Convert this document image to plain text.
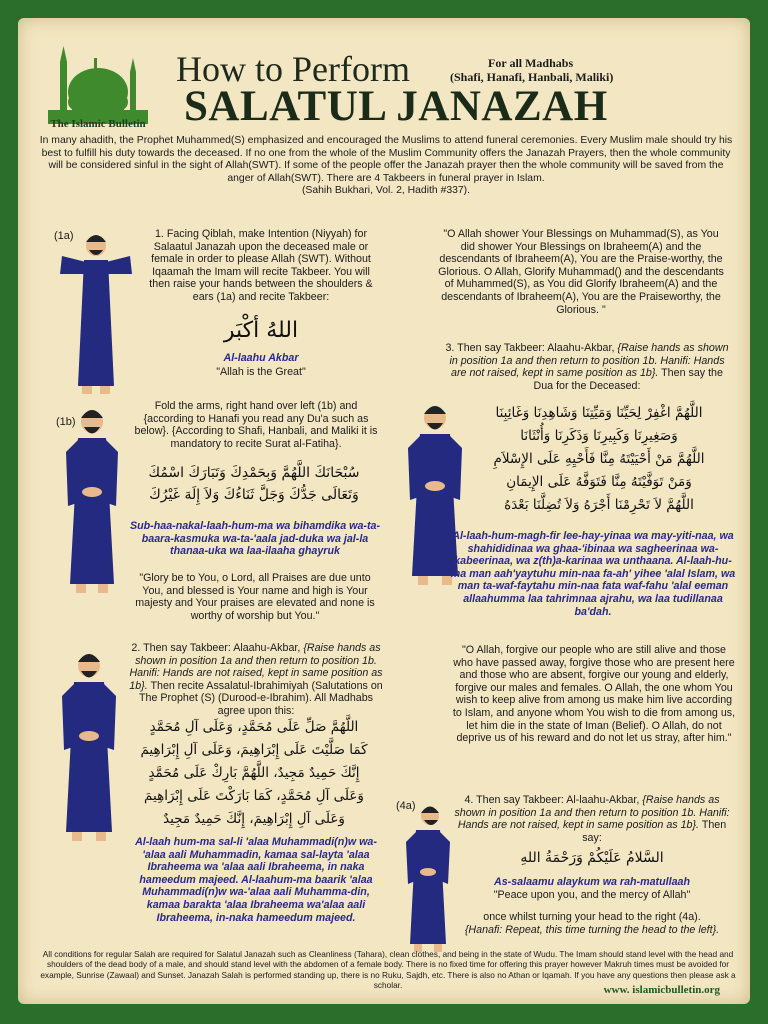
The Islamic Bulletin
How to Perform
SALATUL JANAZAH
For all Madhabs
(Shafi, Hanafi, Hanbali, Maliki)
In many ahadith, the Prophet Muhammed(S) emphasized and encouraged the Muslims to attend funeral ceremonies. Every Muslim male should try his best to fulfill his duty towards the deceased. If no one from the whole of the Muslim Community offers the Janazah Prayers, then the whole community will be considered sinful in the sight of Allah(SWT). If some of the people offer the Janazah prayer then the whole community will be saved from the anger of Allah(SWT). There are 4 Takbeers in funeral prayer in Islam.
(Sahih Bukhari, Vol. 2, Hadith #337).
(1a)	1. Facing Qiblah, make Intention (Niyyah) for Salaatul Janazah upon the deceased male or female in order to please Allah (SWT). Without Iqaamah the Imam will recite Takbeer. You will then raise your hands between the shoulders & ears (1a) and recite Takbeer:
اللهُ أكْبَر
Al-laahu Akbar
"Allah is the Great"
(1b)
Fold the arms, right hand over left (1b) and {according to Hanafi you read any Du'a such as below}. {According to Shafi, Hanbali, and Maliki it is mandatory to recite Surat al-Fatiha}.
سُبْحَانَكَ اللَّهُمَّ وَبِحَمْدِكَ وَتَبَارَكَ اسْمُكَ
وَتَعَالَى جَدُّكَ وَجَلَّ ثَنَاءُكَ وَلاَ إِلَهَ غَيْرُكَ
Sub-haa-nakal-laah-hum-ma wa bihamdika wa-ta-baara-kasmuka wa-ta-'aala jad-duka wa jal-la thanaa-uka wa laa-ilaaha ghayruk
"Glory be to You, o Lord, all Praises are due unto You, and blessed is Your name and high is Your majesty and Your praises are elevated and none is worthy of worship but You."
2. Then say Takbeer: Alaahu-Akbar, {Raise hands as shown in position 1a and then return to position 1b. Hanifi: Hands are not raised, kept in same position as 1b}. Then recite Assalatul-Ibrahimiyah (Salutations on The Prophet (S) (Durood-e-Ibrahim). All Madhabs agree upon this:
اللَّهُمَّ صَلِّ عَلَى مُحَمَّدٍ، وَعَلَى آلِ مُحَمَّدٍ
كَمَا صَلَّيْتَ عَلَى إِبْرَاهِيمَ، وَعَلَى آلِ إِبْرَاهِيمَ
إِنَّكَ حَمِيدٌ مَجِيدٌ، اللَّهُمَّ بَارِكْ عَلَى مُحَمَّدٍ
وَعَلَى آلِ مُحَمَّدٍ، كَمَا بَارَكْتَ عَلَى إِبْرَاهِيمَ
وَعَلَى آلِ إِبْرَاهِيمَ، إِنَّكَ حَمِيدٌ مَجِيدٌ
Al-laah hum-ma sal-li 'alaa Muhammadi(n)w wa-'alaa aali Muhammadin, kamaa sal-layta 'alaa Ibraheema wa 'alaa aali Ibraheema, in naka hameedum majeed. Al-laahum-ma baarik 'alaa Muhammadi(n)w wa-'alaa aali Muhamma-din, kamaa barakta 'alaa Ibraheema wa'alaa aali Ibraheema, in-naka hameedum majeed.
"O Allah shower Your Blessings on Muhammad(S), as You did shower Your Blessings on Ibraheem(A) and the descendants of Ibraheem(A), You are the Praise-worthy, the Glorious. O Allah, Glorify Muhammad() and the descendants of Muhammed(S), as You did Glorify Ibraheem(A) and the descendants of Ibraheem(A), You are the Praiseworthy, the Glorious. "
3. Then say Takbeer: Alaahu-Akbar, {Raise hands as shown in position 1a and then return to position 1b. Hanifi: Hands are not raised, kept in same position as 1b}. Then say the Dua for the Deceased:
اللَّهُمَّ اغْفِرْ لِحَيِّنَا وَمَيِّتِنَا وَشَاهِدِنَا وَغَائِبِنَا
وَصَغِيرِنَا وَكَبِيرِنَا وَذَكَرِنَا وَأُنْثَانَا
اللَّهُمَّ مَنْ أَحْيَيْتَهُ مِنَّا فَأَحْيِهِ عَلَى الإِسْلاَمِ
وَمَنْ تَوَفَّيْتَهُ مِنَّا فَتَوَفَّهُ عَلَى الإِيمَانِ
اللَّهُمَّ لاَ تَحْرِمْنَا أَجْرَهُ وَلاَ تُضِلَّنَا بَعْدَهُ
Al-laah-hum-magh-fir lee-hay-yinaa wa may-yiti-naa, wa shahididinaa wa ghaa-'ibinaa wa sagheerinaa wa-kabeerinaa, wa z(th)a-karinaa wa unthaana. Al-laah-hu-ma man aah'yaytuhu min-naa fa-ah' yihee 'alal Islam, wa man ta-waf-faytahu min-naa fata waf-fahu 'alal eeman allaahumma laa tahrimnaa ajrahu, wa laa tudillanaa ba'dah.
"O Allah, forgive our people who are still alive and those who have passed away, forgive those who are present here and those who are absent, forgive our young and elderly, forgive our males and females. O Allah, the one whom You wish to keep alive from among us make him live according to Islam, and anyone whom You wish to die from among us, let him die in the state of Iman (Belief). O Allah, do not deprive us of his reward and do not let us stray, after him."
(4a)	4. Then say Takbeer: Al-laahu-Akbar, {Raise hands as shown in position 1a and then return to position 1b. Hanifi: Hands are not raised, kept in same position as 1b}. Then say:
السَّلامُ عَلَيْكُمْ وَرَحْمَةُ اللهِ
As-salaamu alaykum wa rah-matullaah
"Peace upon you, and the mercy of Allah"
once whilst turning your head to the right (4a).
{Hanafi: Repeat, this time turning the head to the left}.
All conditions for regular Salah are required for Salatul Janazah such as Cleanliness (Tahara), clean clothes, and being in the state of Wudu. The Imam should stand level with the head and shoulders of the dead body of a male, and should stand level with the abdomen of a female body. There is no fixed time for offering this prayer however Makruh times must be avoided for example, Sunrise (Zawaal) and Sunset. Janazah Salah is performed standing up, there is no Ruku, Sajdh, etc. There is also no Athan or Iqamah. If you have any questions then please ask a scholar.	www. islamicbulletin.org
